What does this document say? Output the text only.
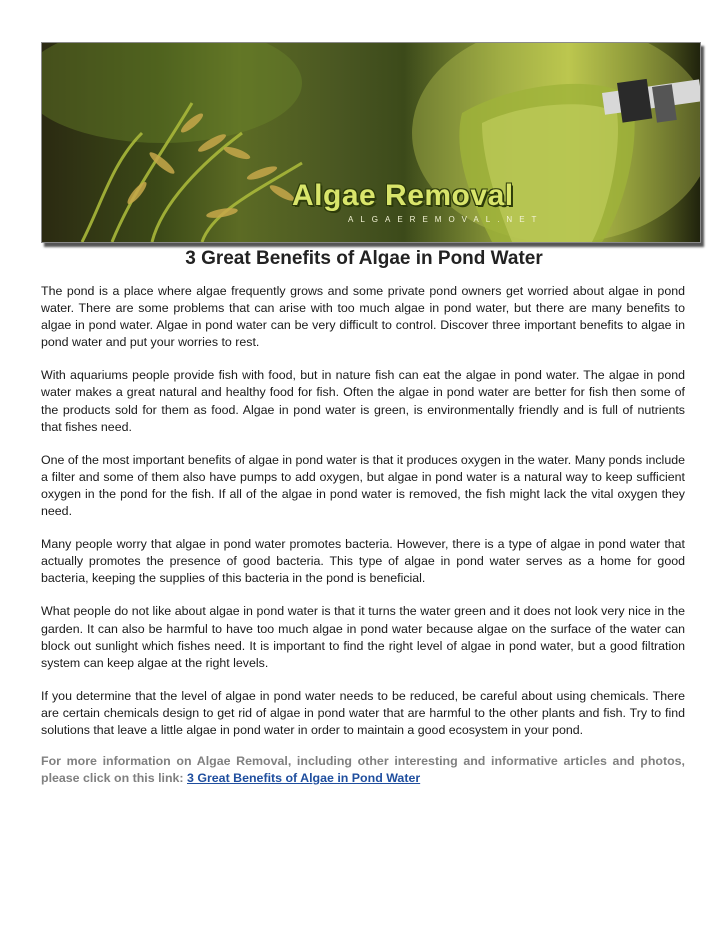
Algae Removal
ALGAEREMOVAL.NET
3 Great Benefits of Algae in Pond Water

The pond is a place where algae frequently grows and some private pond owners get worried about algae in pond water. There are some problems that can arise with too much algae in pond water, but there are many benefits to algae in pond water. Algae in pond water can be very difficult to control. Discover three important benefits to algae in pond water and put your worries to rest.

With aquariums people provide fish with food, but in nature fish can eat the algae in pond water. The algae in pond water makes a great natural and healthy food for fish. Often the algae in pond water are better for fish then some of the products sold for them as food. Algae in pond water is green, is environmentally friendly and is full of nutrients that fishes need.

One of the most important benefits of algae in pond water is that it produces oxygen in the water. Many ponds include a filter and some of them also have pumps to add oxygen, but algae in pond water is a natural way to keep sufficient oxygen in the pond for the fish. If all of the algae in pond water is removed, the fish might lack the vital oxygen they need.

Many people worry that algae in pond water promotes bacteria. However, there is a type of algae in pond water that actually promotes the presence of good bacteria. This type of algae in pond water serves as a home for good bacteria, keeping the supplies of this bacteria in the pond is beneficial.

What people do not like about algae in pond water is that it turns the water green and it does not look very nice in the garden. It can also be harmful to have too much algae in pond water because algae on the surface of the water can block out sunlight which fishes need. It is important to find the right level of algae in pond water, but a good filtration system can keep algae at the right levels.

If you determine that the level of algae in pond water needs to be reduced, be careful about using chemicals. There are certain chemicals design to get rid of algae in pond water that are harmful to the other plants and fish. Try to find solutions that leave a little algae in pond water in order to maintain a good ecosystem in your pond.

For more information on Algae Removal, including other interesting and informative articles and photos, please click on this link: 3 Great Benefits of Algae in Pond Water
